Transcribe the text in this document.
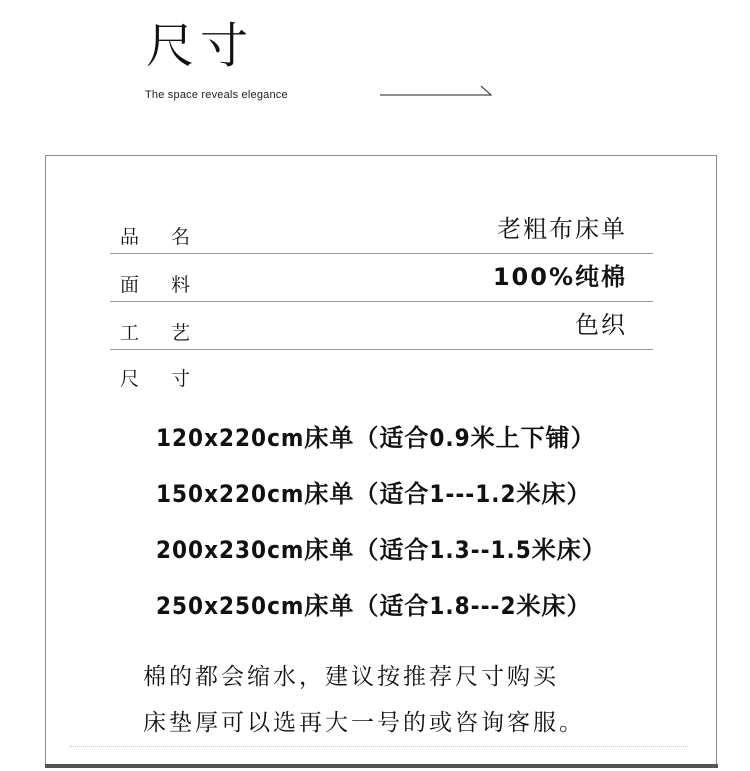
尺寸
The space reveals elegance
品名	老粗布床单
面料	100%纯棉
工艺	色织
尺寸
120x220cm床单（适合0.9米上下铺）
150x220cm床单（适合1---1.2米床）
200x230cm床单（适合1.3--1.5米床）
250x250cm床单（适合1.8---2米床）
棉的都会缩水，建议按推荐尺寸购买
床垫厚可以选再大一号的或咨询客服。
